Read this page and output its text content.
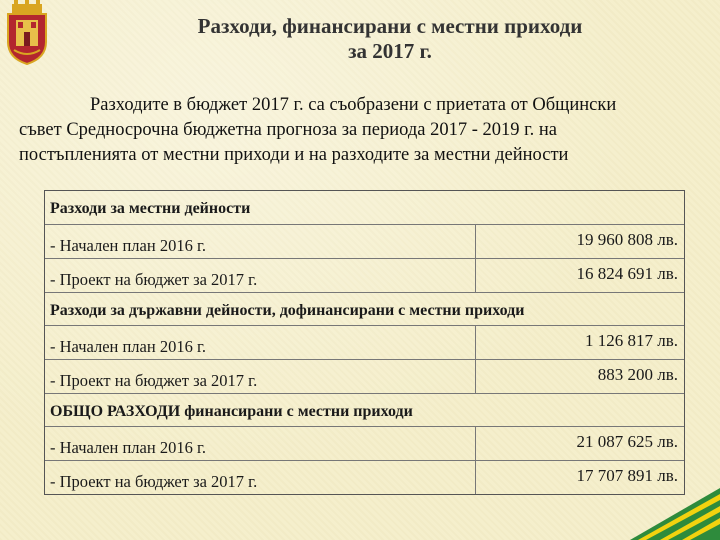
Разходи, финансирани с местни приходи
за 2017 г.
Разходите в бюджет 2017 г. са съобразени с приетата от Общински
съвет Средносрочна бюджетна прогноза за периода 2017 - 2019 г. на
постъпленията от местни приходи и на разходите за местни дейности
Разходи за местни дейности
- Начален план 2016 г.	19 960 808 лв.
- Проект на бюджет за 2017 г.	16 824 691 лв.
Разходи за държавни дейности, дофинансирани с местни приходи
- Начален план 2016 г.	1 126 817 лв.
- Проект на бюджет за 2017 г.	883 200 лв.
ОБЩО РАЗХОДИ финансирани с местни приходи
- Начален план 2016 г.	21 087 625 лв.
- Проект на бюджет за 2017 г.	17 707 891 лв.
